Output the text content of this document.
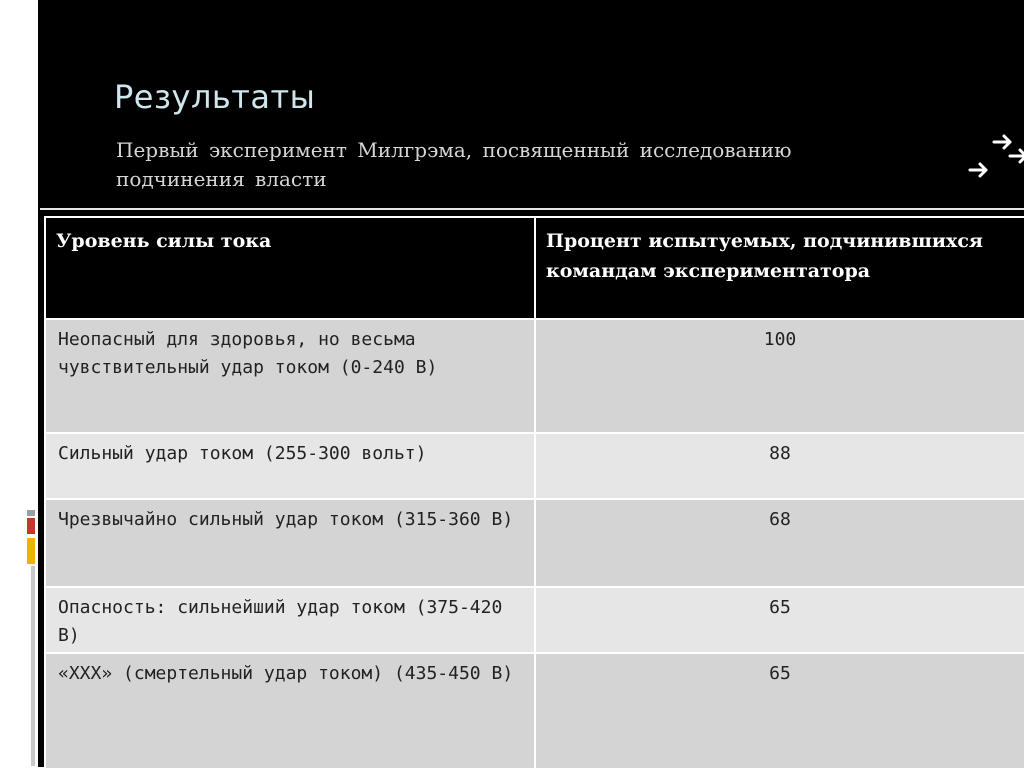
Результаты
Первый эксперимент Милгрэма, посвященный исследованию подчинения власти
Уровень силы тока	Процент испытуемых, подчинившихся командам экспериментатора
Неопасный для здоровья, но весьма чувствительный удар током (0-240 В)	100
Сильный удар током (255-300 вольт)	88
Чрезвычайно сильный удар током (315-360 В)	68
Опасность: сильнейший удар током (375-420 В)	65
«XXX» (смертельный удар током) (435-450 В)	65
